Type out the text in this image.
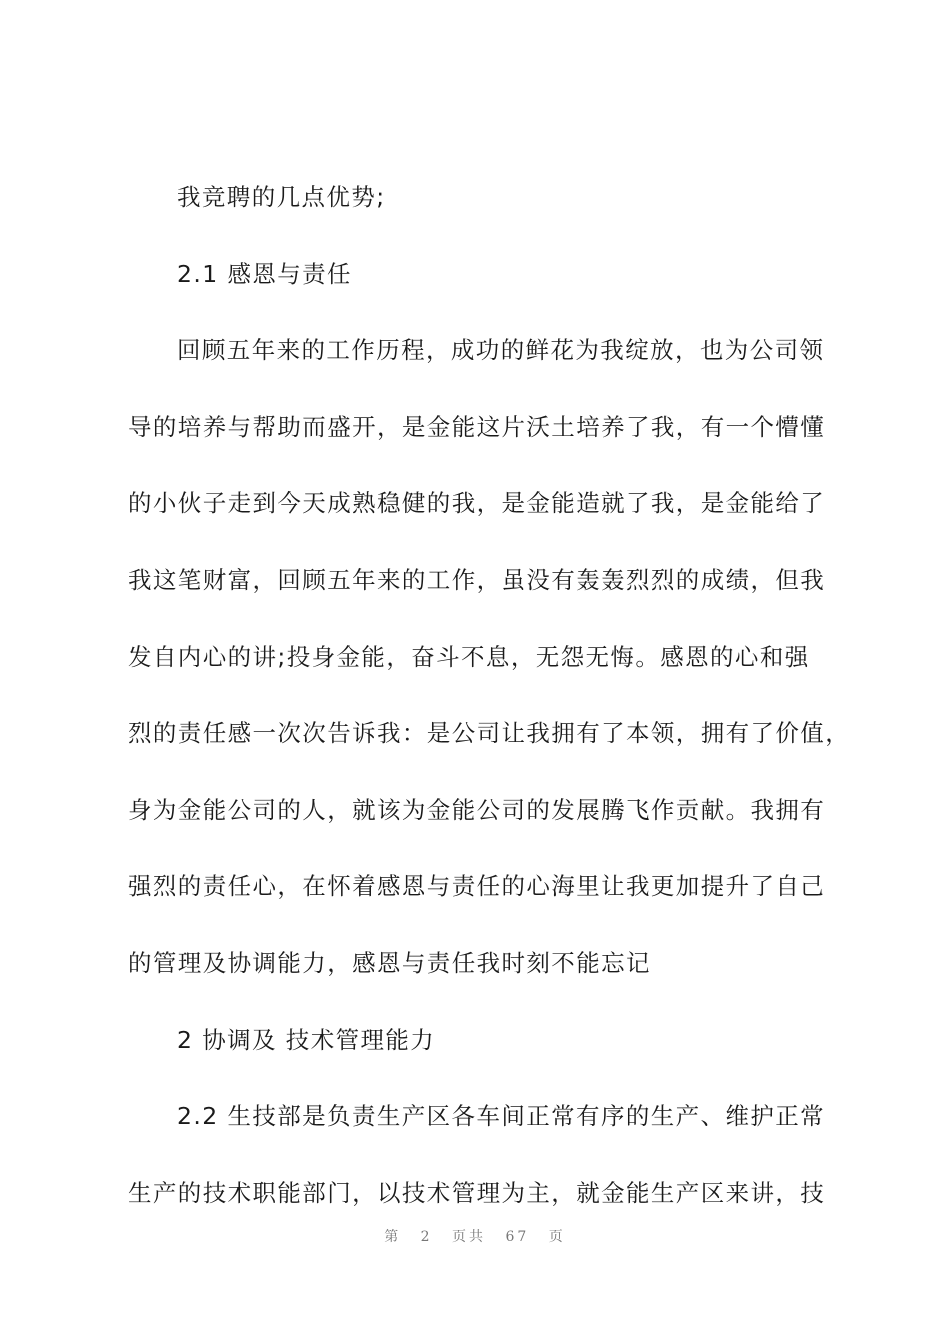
我竞聘的几点优势;
2.1 感恩与责任
回顾五年来的工作历程，成功的鲜花为我绽放，也为公司领
导的培养与帮助而盛开，是金能这片沃土培养了我，有一个懵懂
的小伙子走到今天成熟稳健的我，是金能造就了我，是金能给了
我这笔财富，回顾五年来的工作，虽没有轰轰烈烈的成绩，但我
发自内心的讲;投身金能，奋斗不息，无怨无悔。感恩的心和强
烈的责任感一次次告诉我：是公司让我拥有了本领，拥有了价值，
身为金能公司的人，就该为金能公司的发展腾飞作贡献。我拥有
强烈的责任心，在怀着感恩与责任的心海里让我更加提升了自己
的管理及协调能力，感恩与责任我时刻不能忘记
2 协调及 技术管理能力
2.2 生技部是负责生产区各车间正常有序的生产、维护正常
生产的技术职能部门，以技术管理为主，就金能生产区来讲，技
第 2 页共 67 页
